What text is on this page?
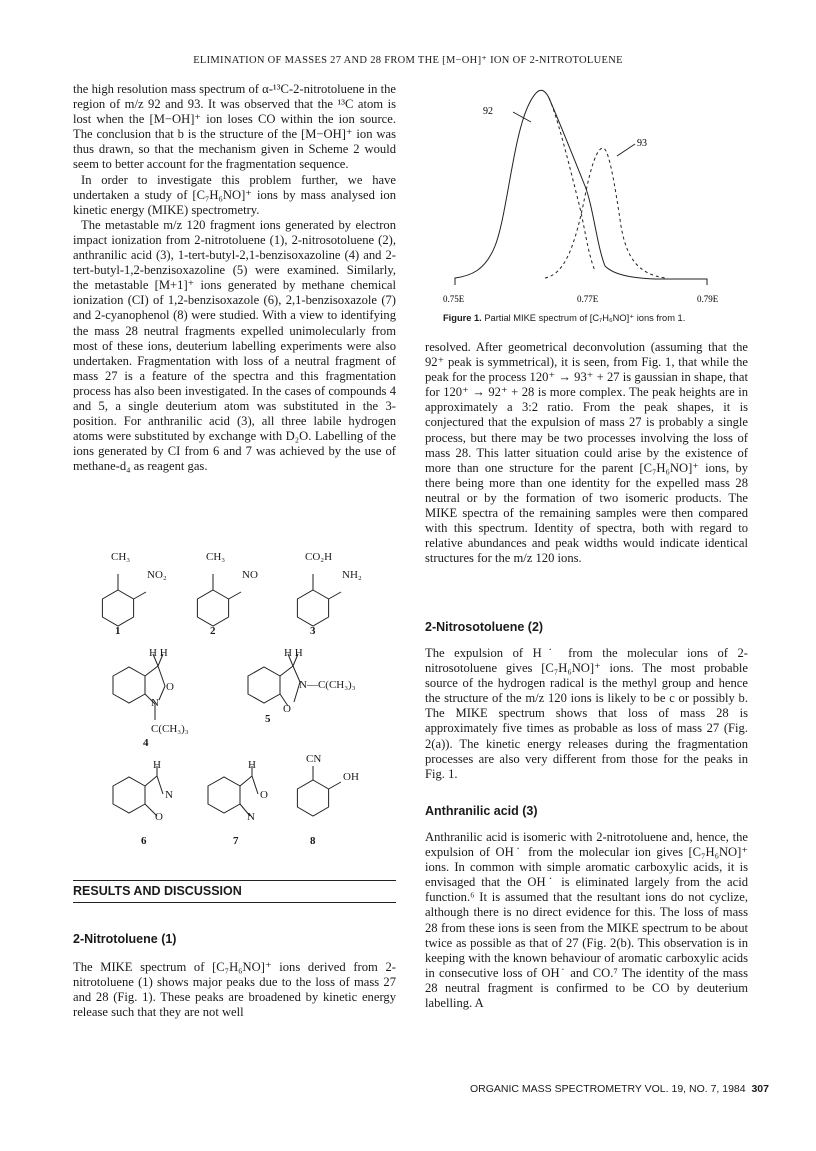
ELIMINATION OF MASSES 27 AND 28 FROM THE [M−OH]⁺ ION OF 2-NITROTOLUENE

the high resolution mass spectrum of α-¹³C-2-nitrotoluene in the region of m/z 92 and 93. It was observed that the ¹³C atom is lost when the [M−OH]⁺ ion loses CO within the ion source. The conclusion that b is the structure of the [M−OH]⁺ ion was thus drawn, so that the mechanism given in Scheme 2 would seem to better account for the fragmentation sequence.

In order to investigate this problem further, we have undertaken a study of [C₇H₆NO]⁺ ions by mass analysed ion kinetic energy (MIKE) spectrometry.

The metastable m/z 120 fragment ions generated by electron impact ionization from 2-nitrotoluene (1), 2-nitrosotoluene (2), anthranilic acid (3), 1-tert-butyl-2,1-benzisoxazoline (4) and 2-tert-butyl-1,2-benzisoxazoline (5) were examined. Similarly, the metastable [M+1]⁺ ions generated by methane chemical ionization (CI) of 1,2-benzisoxazole (6), 2,1-benzisoxazole (7) and 2-cyanophenol (8) were studied. With a view to identifying the mass 28 neutral fragments expelled unimolecularly from most of these ions, deuterium labelling experiments were also undertaken. Fragmentation with loss of a neutral fragment of mass 27 is a feature of the spectra and this fragmentation process has also been investigated. In the cases of compounds 4 and 5, a single deuterium atom was substituted in the 3-position. For anthranilic acid (3), all three labile hydrogen atoms were substituted by exchange with D₂O. Labelling of the ions generated by CI from 6 and 7 was achieved by the use of methane-d₄ as reagent gas.

CH₃
NO₂
1
CH₃
NO
2
CO₂H
NH₂
3
H H
O
N
C(CH₃)₃
4
H H
N—C(CH₃)₃
O
5
H
N
O
6
H
O
N
7
CN
OH
8
RESULTS AND DISCUSSION
2-Nitrotoluene (1)

The MIKE spectrum of [C₇H₆NO]⁺ ions derived from 2-nitrotoluene (1) shows major peaks due to the loss of mass 27 and 28 (Fig. 1). These peaks are broadened by kinetic energy release such that they are not well

92
93
0.75E	0.77E	0.79E
Figure 1. Partial MIKE spectrum of [C₇H₆NO]⁺ ions from 1.

resolved. After geometrical deconvolution (assuming that the 92⁺ peak is symmetrical), it is seen, from Fig. 1, that while the peak for the process 120⁺ → 93⁺ + 27 is gaussian in shape, that for 120⁺ → 92⁺ + 28 is more complex. The peak heights are in approximately a 3:2 ratio. From the peak shapes, it is conjectured that the expulsion of mass 27 is probably a single process, but there may be two processes involving the loss of mass 28. This latter situation could arise by the existence of more than one structure for the parent [C₇H₆NO]⁺ ions, by there being more than one identity for the expelled mass 28 neutral or by the formation of two isomeric products. The MIKE spectra of the remaining samples were then compared with this spectrum. Identity of spectra, both with regard to relative abundances and peak widths would indicate identical structures for the m/z 120 ions.

2-Nitrosotoluene (2)

The expulsion of H˙ from the molecular ions of 2-nitrosotoluene gives [C₇H₆NO]⁺ ions. The most probable source of the hydrogen radical is the methyl group and hence the structure of the m/z 120 ions is likely to be c or possibly b. The MIKE spectrum shows that loss of mass 28 is approximately five times as probable as loss of mass 27 (Fig. 2(a)). The kinetic energy releases during the fragmentation processes are also very different from those for the peaks in Fig. 1.

Anthranilic acid (3)

Anthranilic acid is isomeric with 2-nitrotoluene and, hence, the expulsion of OH˙ from the molecular ion gives [C₇H₆NO]⁺ ions. In common with simple aromatic carboxylic acids, it is envisaged that the OH˙ is eliminated largely from the acid function.⁶ It is assumed that the resultant ions do not cyclize, although there is no direct evidence for this. The loss of mass 28 from these ions is seen from the MIKE spectrum to be about twice as possible as that of 27 (Fig. 2(b). This observation is in keeping with the known behaviour of aromatic carboxylic acids in consecutive loss of OH˙ and CO.⁷ The identity of the mass 28 neutral fragment is confirmed to be CO by deuterium labelling. A

ORGANIC MASS SPECTROMETRY VOL. 19, NO. 7, 1984 307
